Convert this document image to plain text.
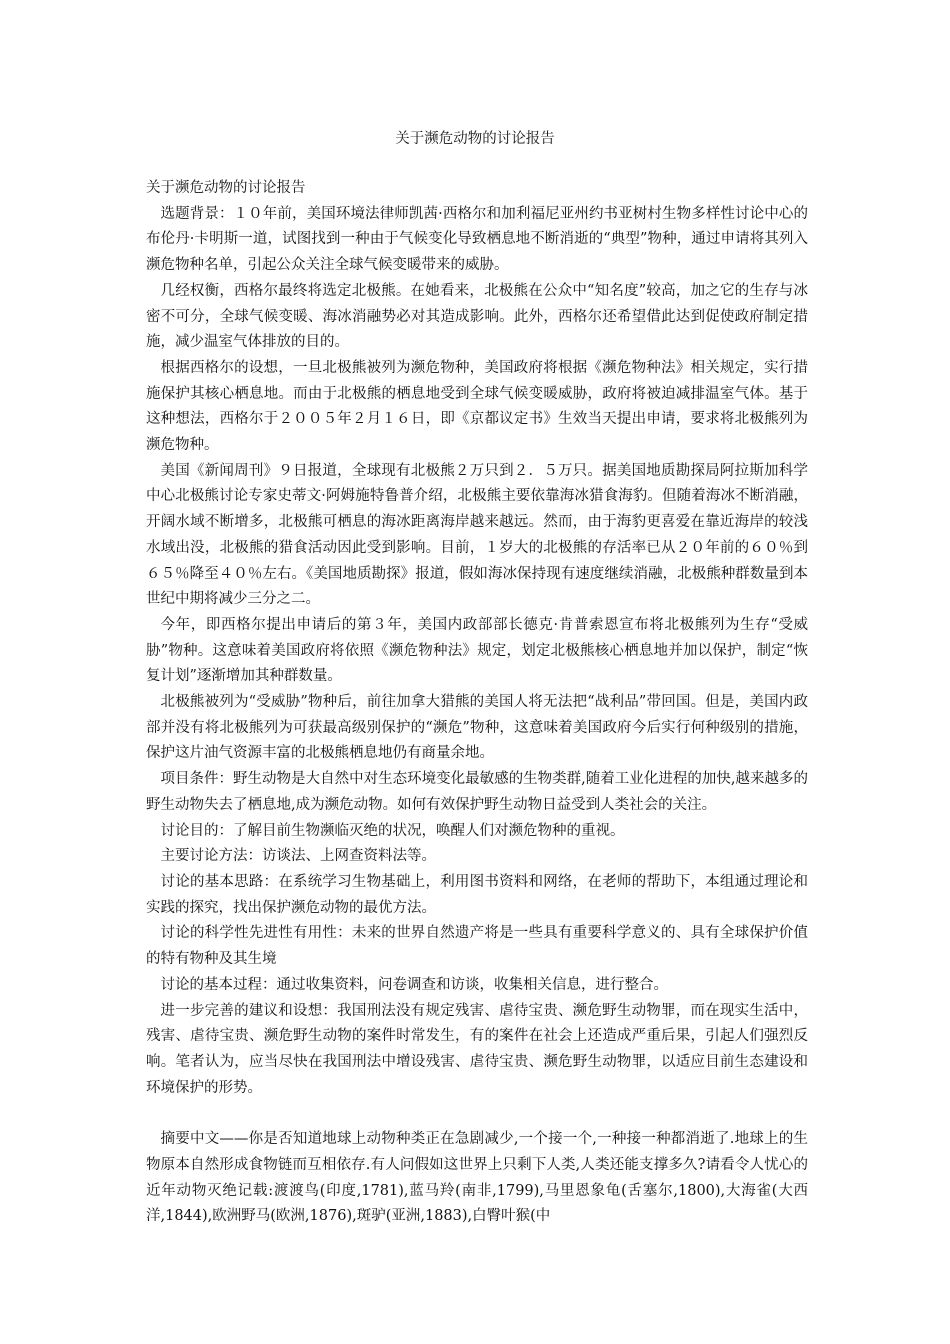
关于濒危动物的讨论报告

关于濒危动物的讨论报告

选题背景：１０年前，美国环境法律师凯茜·西格尔和加利福尼亚州约书亚树村生物多样性讨论中心的布伦丹·卡明斯一道，试图找到一种由于气候变化导致栖息地不断消逝的“典型”物种，通过申请将其列入濒危物种名单，引起公众关注全球气候变暖带来的威胁。

几经权衡，西格尔最终将选定北极熊。在她看来，北极熊在公众中“知名度”较高，加之它的生存与冰密不可分，全球气候变暖、海冰消融势必对其造成影响。此外，西格尔还希望借此达到促使政府制定措施，减少温室气体排放的目的。

根据西格尔的设想，一旦北极熊被列为濒危物种，美国政府将根据《濒危物种法》相关规定，实行措施保护其核心栖息地。而由于北极熊的栖息地受到全球气候变暖威胁，政府将被迫减排温室气体。基于这种想法，西格尔于２００５年２月１６日，即《京都议定书》生效当天提出申请，要求将北极熊列为濒危物种。

美国《新闻周刊》９日报道，全球现有北极熊２万只到２．５万只。据美国地质勘探局阿拉斯加科学中心北极熊讨论专家史蒂文·阿姆施特鲁普介绍，北极熊主要依靠海冰猎食海豹。但随着海冰不断消融，开阔水域不断增多，北极熊可栖息的海冰距离海岸越来越远。然而，由于海豹更喜爱在靠近海岸的较浅水域出没，北极熊的猎食活动因此受到影响。目前，１岁大的北极熊的存活率已从２０年前的６０％到６５％降至４０％左右。《美国地质勘探》报道，假如海冰保持现有速度继续消融，北极熊种群数量到本世纪中期将减少三分之二。

今年，即西格尔提出申请后的第３年，美国内政部部长德克·肯普索恩宣布将北极熊列为生存“受威胁”物种。这意味着美国政府将依照《濒危物种法》规定，划定北极熊核心栖息地并加以保护，制定“恢复计划”逐渐增加其种群数量。

北极熊被列为“受威胁”物种后，前往加拿大猎熊的美国人将无法把“战利品”带回国。但是，美国内政部并没有将北极熊列为可获最高级别保护的“濒危”物种，这意味着美国政府今后实行何种级别的措施，保护这片油气资源丰富的北极熊栖息地仍有商量余地。

项目条件：野生动物是大自然中对生态环境变化最敏感的生物类群,随着工业化进程的加快,越来越多的野生动物失去了栖息地,成为濒危动物。如何有效保护野生动物日益受到人类社会的关注。

讨论目的：了解目前生物濒临灭绝的状况，唤醒人们对濒危物种的重视。

主要讨论方法：访谈法、上网查资料法等。

讨论的基本思路：在系统学习生物基础上，利用图书资料和网络，在老师的帮助下，本组通过理论和实践的探究，找出保护濒危动物的最优方法。

讨论的科学性先进性有用性：未来的世界自然遗产将是一些具有重要科学意义的、具有全球保护价值的特有物种及其生境

讨论的基本过程：通过收集资料，问卷调查和访谈，收集相关信息，进行整合。

进一步完善的建议和设想：我国刑法没有规定残害、虐待宝贵、濒危野生动物罪，而在现实生活中，残害、虐待宝贵、濒危野生动物的案件时常发生，有的案件在社会上还造成严重后果，引起人们强烈反响。笔者认为，应当尽快在我国刑法中增设残害、虐待宝贵、濒危野生动物罪，以适应目前生态建设和环境保护的形势。

摘要中文——你是否知道地球上动物种类正在急剧减少,一个接一个,一种接一种都消逝了.地球上的生物原本自然形成食物链而互相依存.有人问假如这世界上只剩下人类,人类还能支撑多久?请看令人忧心的近年动物灭绝记载:渡渡鸟(印度,1781),蓝马羚(南非,1799),马里恩象龟(舌塞尔,1800),大海雀(大西洋,1844),欧洲野马(欧洲,1876),斑驴(亚洲,1883),白臀叶猴(中
